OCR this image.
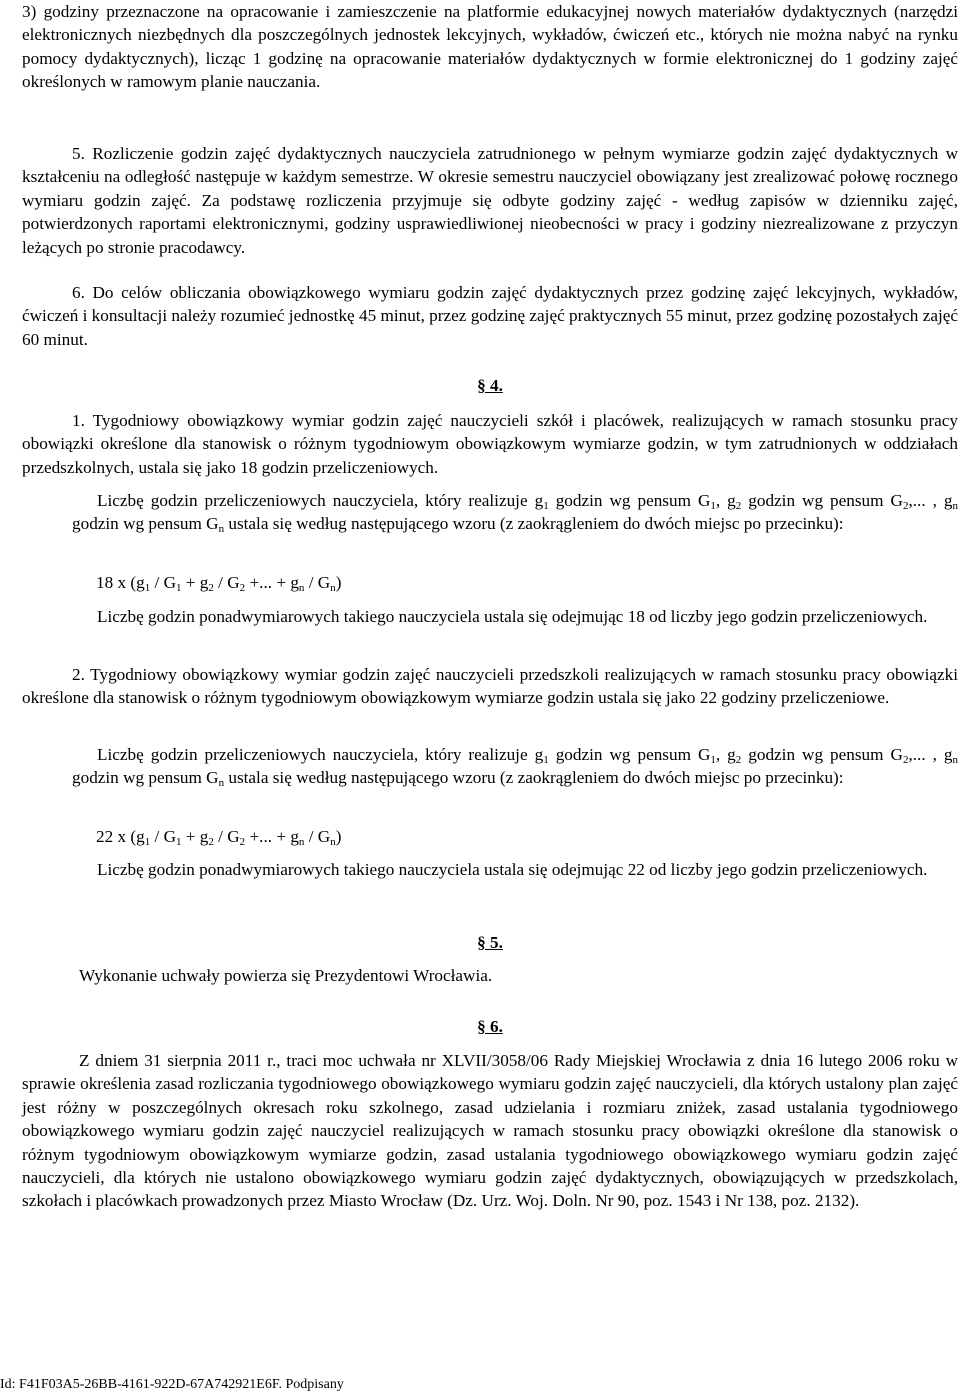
3) godziny przeznaczone na opracowanie i zamieszczenie na platformie edukacyjnej nowych materiałów dydaktycznych (narzędzi elektronicznych niezbędnych dla poszczególnych jednostek lekcyjnych, wykładów, ćwiczeń etc., których nie można nabyć na rynku pomocy dydaktycznych), licząc 1 godzinę na opracowanie materiałów dydaktycznych w formie elektronicznej do 1 godziny zajęć określonych w ramowym planie nauczania.

5. Rozliczenie godzin zajęć dydaktycznych nauczyciela zatrudnionego w pełnym wymiarze godzin zajęć dydaktycznych w kształceniu na odległość następuje w każdym semestrze. W okresie semestru nauczyciel obowiązany jest zrealizować połowę rocznego wymiaru godzin zajęć. Za podstawę rozliczenia przyjmuje się odbyte godziny zajęć - według zapisów w dzienniku zajęć, potwierdzonych raportami elektronicznymi, godziny usprawiedliwionej nieobecności w pracy i godziny niezrealizowane z przyczyn leżących po stronie pracodawcy.

6. Do celów obliczania obowiązkowego wymiaru godzin zajęć dydaktycznych przez godzinę zajęć lekcyjnych, wykładów, ćwiczeń i konsultacji należy rozumieć jednostkę 45 minut, przez godzinę zajęć praktycznych 55 minut, przez godzinę pozostałych zajęć 60 minut.

§ 4.

1. Tygodniowy obowiązkowy wymiar godzin zajęć nauczycieli szkół i placówek, realizujących w ramach stosunku pracy obowiązki określone dla stanowisk o różnym tygodniowym obowiązkowym wymiarze godzin, w tym zatrudnionych w oddziałach przedszkolnych, ustala się jako 18 godzin przeliczeniowych.

Liczbę godzin przeliczeniowych nauczyciela, który realizuje $g_1$ godzin wg pensum $G_1$, $g_2$ godzin wg pensum $G_2$,... , $g_n$ godzin wg pensum $G_n$ ustala się według następującego wzoru (z zaokrągleniem do dwóch miejsc po przecinku):

18 x ($g_1 / G_1 + g_2 / G_2$ +... + $g_n / G_n$)

Liczbę godzin ponadwymiarowych takiego nauczyciela ustala się odejmując 18 od liczby jego godzin przeliczeniowych.

2. Tygodniowy obowiązkowy wymiar godzin zajęć nauczycieli przedszkoli realizujących w ramach stosunku pracy obowiązki określone dla stanowisk o różnym tygodniowym obowiązkowym wymiarze godzin ustala się jako 22 godziny przeliczeniowe.

Liczbę godzin przeliczeniowych nauczyciela, który realizuje $g_1$ godzin wg pensum $G_1$, $g_2$ godzin wg pensum $G_2$,... , $g_n$ godzin wg pensum $G_n$ ustala się według następującego wzoru (z zaokrągleniem do dwóch miejsc po przecinku):

22 x ($g_1 / G_1 + g_2 / G_2$ +... + $g_n / G_n$)

Liczbę godzin ponadwymiarowych takiego nauczyciela ustala się odejmując 22 od liczby jego godzin przeliczeniowych.

§ 5.

Wykonanie uchwały powierza się Prezydentowi Wrocławia.

§ 6.

Z dniem 31 sierpnia 2011 r., traci moc uchwała nr XLVII/3058/06 Rady Miejskiej Wrocławia z dnia 16 lutego 2006 roku w sprawie określenia zasad rozliczania tygodniowego obowiązkowego wymiaru godzin zajęć nauczycieli, dla których ustalony plan zajęć jest różny w poszczególnych okresach roku szkolnego, zasad udzielania i rozmiaru zniżek, zasad ustalania tygodniowego obowiązkowego wymiaru godzin zajęć nauczyciel realizujących w ramach stosunku pracy obowiązki określone dla stanowisk o różnym tygodniowym obowiązkowym wymiarze godzin, zasad ustalania tygodniowego obowiązkowego wymiaru godzin zajęć nauczycieli, dla których nie ustalono obowiązkowego wymiaru godzin zajęć dydaktycznych, obowiązujących w przedszkolach, szkołach i placówkach prowadzonych przez Miasto Wrocław (Dz. Urz. Woj. Doln. Nr 90, poz. 1543 i Nr 138, poz. 2132).

Id: F41F03A5-26BB-4161-922D-67A742921E6F. Podpisany
